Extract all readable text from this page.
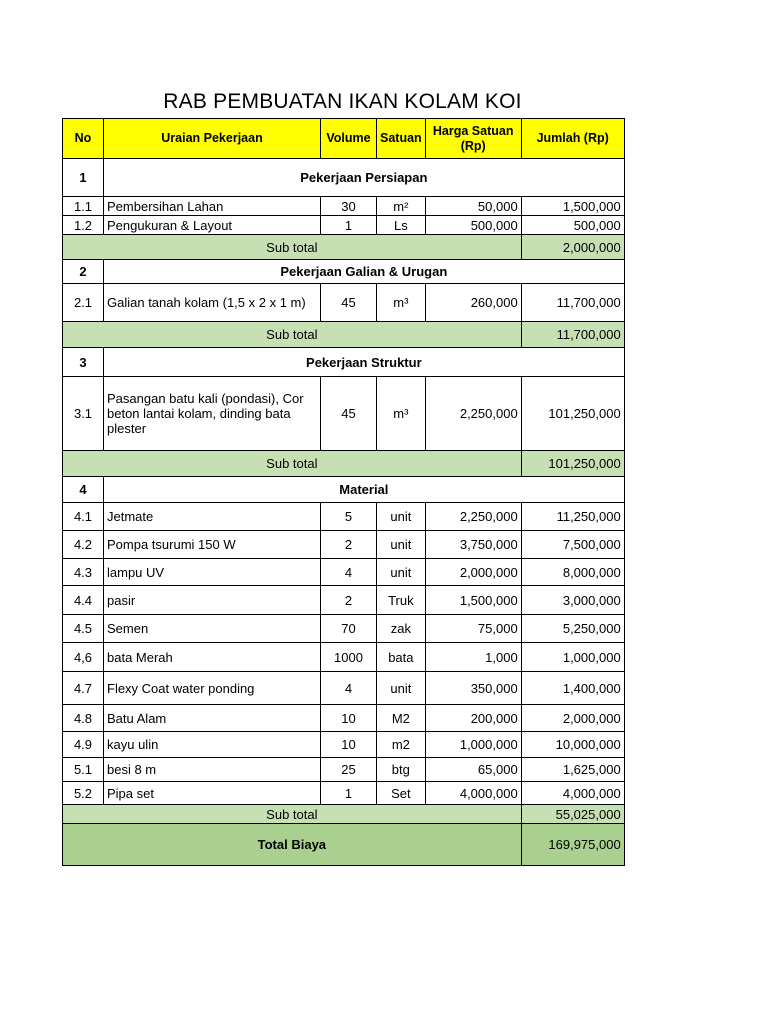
RAB PEMBUATAN IKAN KOLAM KOI
No	Uraian Pekerjaan	Volume	Satuan	Harga Satuan (Rp)	Jumlah (Rp)
1	Pekerjaan Persiapan				
1.1	Pembersihan Lahan	30	m²	50,000	1,500,000
1.2	Pengukuran & Layout	1	Ls	500,000	500,000
Sub total					2,000,000
2	Pekerjaan Galian & Urugan				
2.1	Galian tanah kolam (1,5 x 2 x 1 m)	45	m³	260,000	11,700,000
Sub total					11,700,000
3	Pekerjaan Struktur				
3.1	Pasangan batu kali (pondasi), Cor beton lantai kolam, dinding bata plester	45	m³	2,250,000	101,250,000
Sub total					101,250,000
4	Material				
4.1	Jetmate	5	unit	2,250,000	11,250,000
4.2	Pompa tsurumi 150 W	2	unit	3,750,000	7,500,000
4.3	lampu UV	4	unit	2,000,000	8,000,000
4.4	pasir	2	Truk	1,500,000	3,000,000
4.5	Semen	70	zak	75,000	5,250,000
4,6	bata Merah	1000	bata	1,000	1,000,000
4.7	Flexy Coat water ponding	4	unit	350,000	1,400,000
4.8	Batu Alam	10	M2	200,000	2,000,000
4.9	kayu ulin	10	m2	1,000,000	10,000,000
5.1	besi 8 m	25	btg	65,000	1,625,000
5.2	Pipa set	1	Set	4,000,000	4,000,000
Sub total					55,025,000
Total Biaya					169,975,000
